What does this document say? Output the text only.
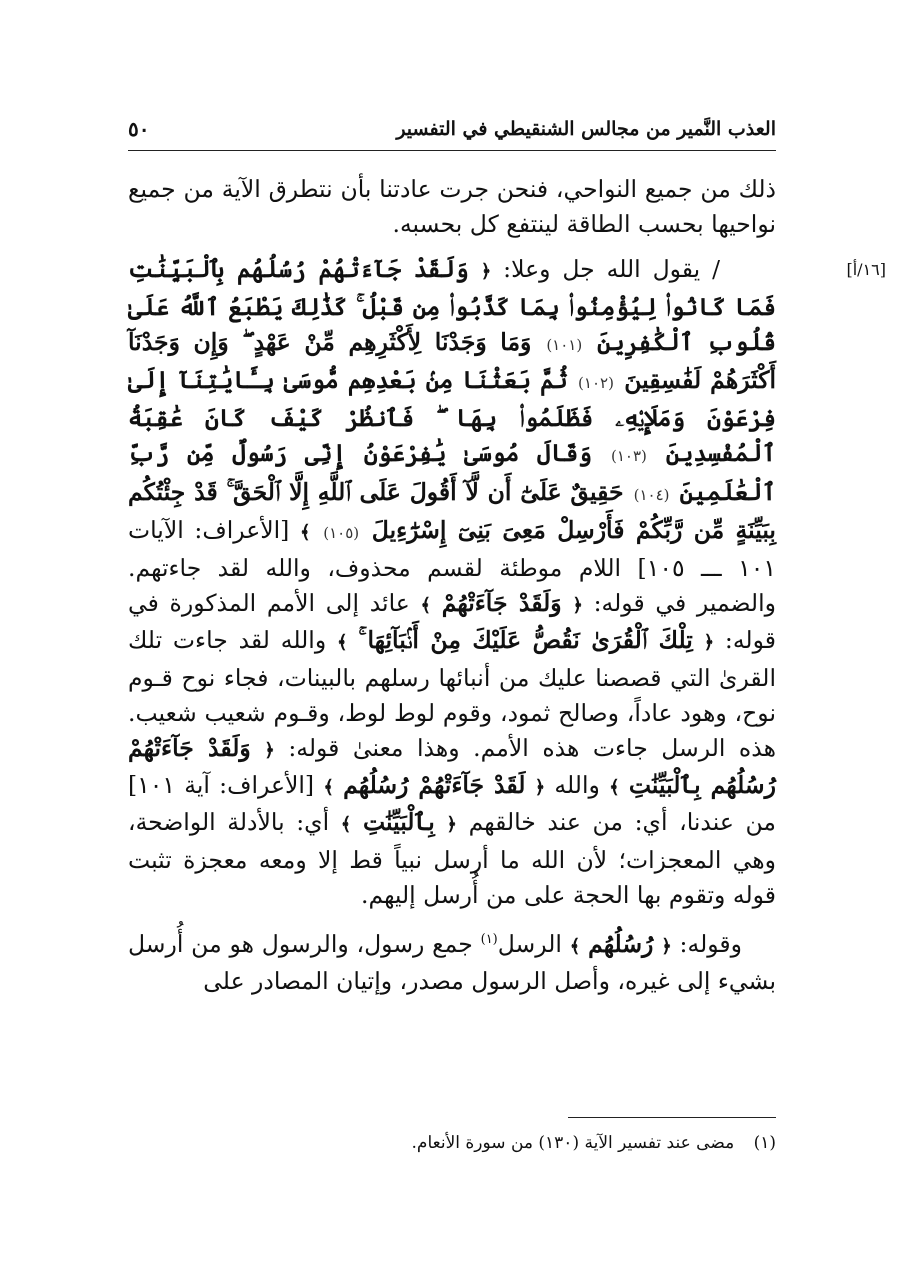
العذب النَّمير من مجالس الشنقيطي في التفسير
٥٠

ذلك من جميع النواحي، فنحن جرت عادتنا بأن نتطرق الآية من جميع نواحيها بحسب الطاقة لينتفع كل بحسبه.

[١٦/أ]
/ يقول الله جل وعلا: ﴿ وَلَقَدْ جَآءَتْهُمْ رُسُلُهُم بِٱلْبَيِّنَٰتِ فَمَا كَانُوا۟ لِيُؤْمِنُوا۟ بِمَا كَذَّبُوا۟ مِن قَبْلُ ۚ كَذَٰلِكَ يَطْبَعُ ٱللَّهُ عَلَىٰ قُلُوبِ ٱلْكَٰفِرِينَ (١٠١) وَمَا وَجَدْنَا لِأَكْثَرِهِم مِّنْ عَهْدٍ ۖ وَإِن وَجَدْنَآ أَكْثَرَهُمْ لَفَٰسِقِينَ (١٠٢) ثُمَّ بَعَثْنَا مِنۢ بَعْدِهِم مُّوسَىٰ بِـَٔايَٰتِنَآ إِلَىٰ فِرْعَوْنَ وَمَلَإِي۟هِۦ فَظَلَمُوا۟ بِهَا ۖ فَٱنظُرْ كَيْفَ كَانَ عَٰقِبَةُ ٱلْمُفْسِدِينَ (١٠٣) وَقَالَ مُوسَىٰ يَٰفِرْعَوْنُ إِنِّى رَسُولٌ مِّن رَّبِّ ٱلْعَٰلَمِينَ (١٠٤) حَقِيقٌ عَلَىٰٓ أَن لَّآ أَقُولَ عَلَى ٱللَّهِ إِلَّا ٱلْحَقَّ ۚ قَدْ جِئْتُكُم بِبَيِّنَةٍ مِّن رَّبِّكُمْ فَأَرْسِلْ مَعِىَ بَنِىٓ إِسْرَٰٓءِيلَ (١٠٥) ﴾ [الأعراف: الآيات ١٠١ ـــ ١٠٥] اللام موطئة لقسم محذوف، والله لقد جاءتهم. والضمير في قوله: ﴿ وَلَقَدْ جَآءَتْهُمْ ﴾ عائد إلى الأمم المذكورة في قوله: ﴿ تِلْكَ ٱلْقُرَىٰ نَقُصُّ عَلَيْكَ مِنْ أَنۢبَآئِهَا ۚ ﴾ والله لقد جاءت تلك القرىٰ التي قصصنا عليك من أنبائها رسلهم بالبينات، فجاء نوح قـوم نوح، وهود عاداً، وصالح ثمود، وقوم لوط لوط، وقـوم شعيب شعيب. هذه الرسل جاءت هذه الأمم. وهذا معنىٰ قوله: ﴿ وَلَقَدْ جَآءَتْهُمْ رُسُلُهُم بِٱلْبَيِّنَٰتِ ﴾ والله ﴿ لَقَدْ جَآءَتْهُمْ رُسُلُهُم ﴾ [الأعراف: آية ١٠١] من عندنا، أي: من عند خالقهم ﴿ بِٱلْبَيِّنَٰتِ ﴾ أي: بالأدلة الواضحة، وهي المعجزات؛ لأن الله ما أرسل نبياً قط إلا ومعه معجزة تثبت قوله وتقوم بها الحجة على من أُرسل إليهم.

وقوله: ﴿ رُسُلُهُم ﴾ الرسل$^{(١)}$ جمع رسول، والرسول هو من أُرسل بشيء إلى غيره، وأصل الرسول مصدر، وإتيان المصادر على

(١) مضى عند تفسير الآية (١٣٠) من سورة الأنعام.
